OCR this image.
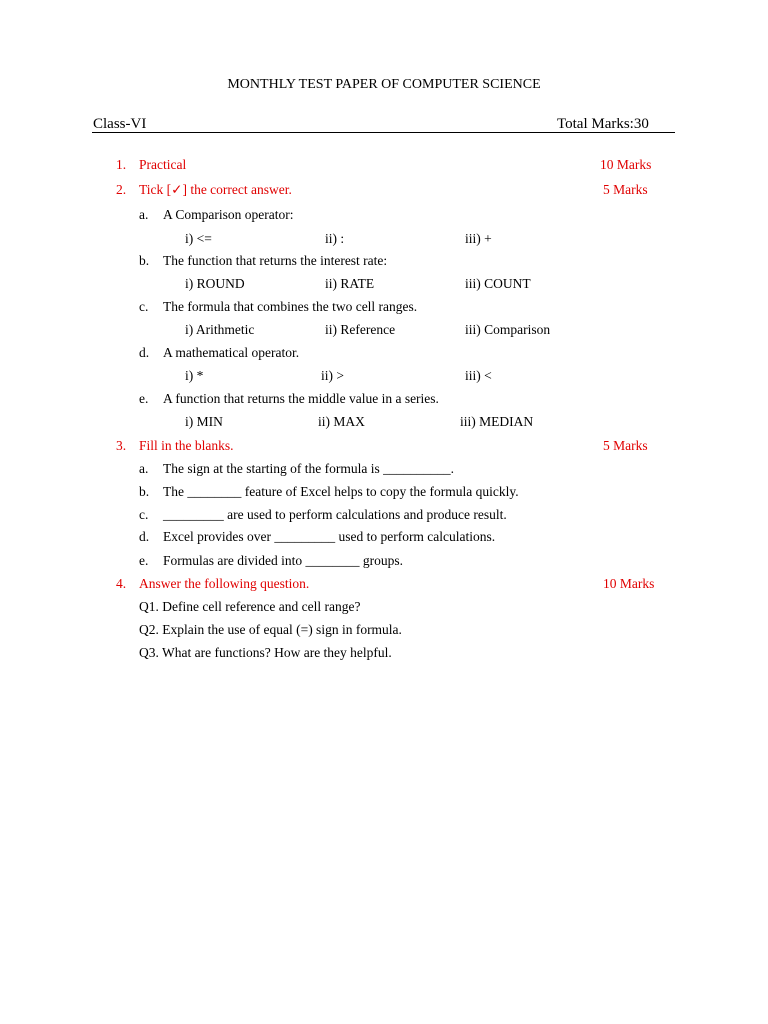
MONTHLY TEST PAPER OF COMPUTER SCIENCE
Class-VI	Total Marks:30
1. Practical	10 Marks
2. Tick [✓] the correct answer.	5 Marks
a. A Comparison operator:
i) <=	ii) :	iii) +
b. The function that returns the interest rate:
i) ROUND	ii) RATE	iii) COUNT
c. The formula that combines the two cell ranges.
i) Arithmetic	ii) Reference	iii) Comparison
d. A mathematical operator.
i) *	ii) >	iii) <
e. A function that returns the middle value in a series.
i) MIN	ii) MAX	iii) MEDIAN
3. Fill in the blanks.	5 Marks
a. The sign at the starting of the formula is __________.
b. The ________ feature of Excel helps to copy the formula quickly.
c. _________ are used to perform calculations and produce result.
d. Excel provides over _________ used to perform calculations.
e. Formulas are divided into ________ groups.
4. Answer the following question.	10 Marks
Q1. Define cell reference and cell range?
Q2. Explain the use of equal (=) sign in formula.
Q3. What are functions? How are they helpful.
